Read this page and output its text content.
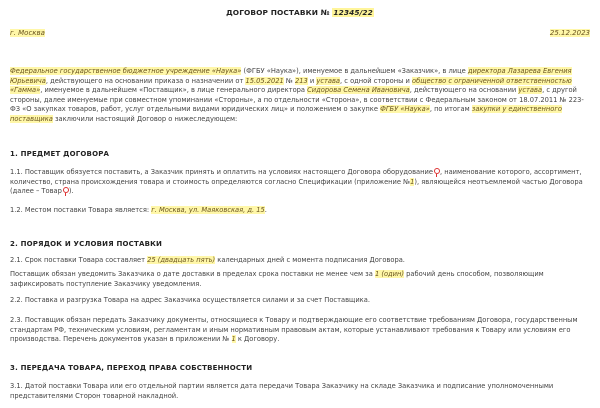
ДОГОВОР ПОСТАВКИ № 12345/22
г. Москва	25.12.2023
Федеральное государственное бюджетное учреждение «Наука» (ФГБУ «Наука»), именуемое в дальнейшем «Заказчик», в лице директора Лазарева Евгения Юрьевича, действующего на основании приказа о назначении от 15.05.2021 № 213 и устава, с одной стороны и общество с ограниченной ответственностью «Гамма», именуемое в дальнейшем «Поставщик», в лице генерального директора Сидорова Семена Ивановича, действующего на основании устава, с другой стороны, далее именуемые при совместном упоминании «Стороны», а по отдельности «Сторона», в соответствии с Федеральным законом от 18.07.2011 № 223-ФЗ «О закупках товаров, работ, услуг отдельными видами юридических лиц» и положением о закупке ФГБУ «Наука», по итогам закупки у единственного поставщика заключили настоящий Договор о нижеследующем:
1. ПРЕДМЕТ ДОГОВОРА
1.1. Поставщик обязуется поставить, а Заказчик принять и оплатить на условиях настоящего Договора оборудование , наименование которого, ассортимент, количество, страна происхождения товара и стоимость определяются согласно Спецификации (приложение №1), являющейся неотъемлемой частью Договора (далее – Товар ).
1.2. Местом поставки Товара является: г. Москва, ул. Маяковская, д. 15.
2. ПОРЯДОК И УСЛОВИЯ ПОСТАВКИ
2.1. Срок поставки Товара составляет 25 (двадцать пять) календарных дней с момента подписания Договора.
Поставщик обязан уведомить Заказчика о дате доставки в пределах срока поставки не менее чем за 1 (один) рабочий день способом, позволяющим зафиксировать поступление Заказчику уведомления.
2.2. Поставка и разгрузка Товара на адрес Заказчика осуществляется силами и за счет Поставщика.
2.3. Поставщик обязан передать Заказчику документы, относящиеся к Товару и подтверждающие его соответствие требованиям Договора, государственным стандартам РФ, техническим условиям, регламентам и иным нормативным правовым актам, которые устанавливают требования к Товару или условиям его производства. Перечень документов указан в приложении № 1 к Договору.
3. ПЕРЕДАЧА ТОВАРА, ПЕРЕХОД ПРАВА СОБСТВЕННОСТИ
3.1. Датой поставки Товара или его отдельной партии является дата передачи Товара Заказчику на складе Заказчика и подписание уполномоченными представителями Сторон товарной накладной.
